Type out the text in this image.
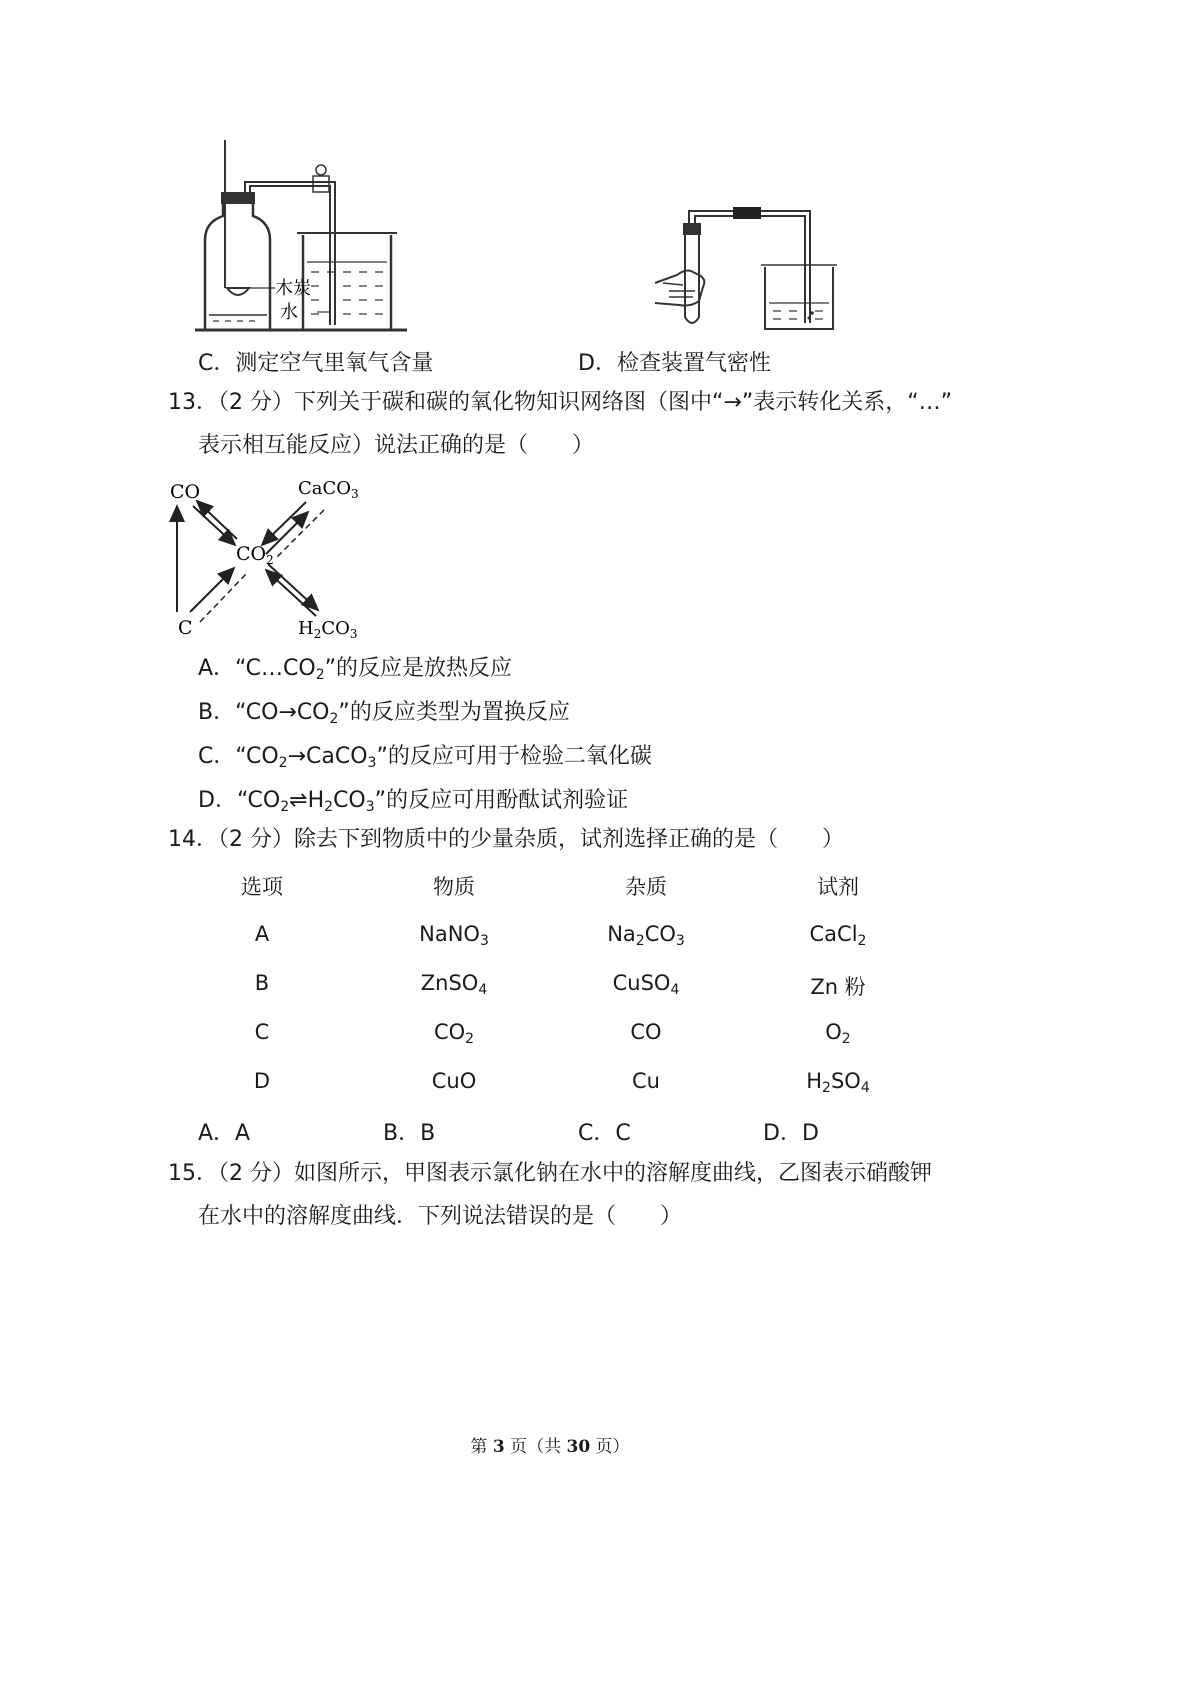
木炭
水
C．测定空气里氧气含量	D．检查装置气密性
13．（2 分）下列关于碳和碳的氧化物知识网络图（图中“→”表示转化关系，“…”
表示相互能反应）说法正确的是（　　）
CO	CaCO$_3$
$CO_2$
C	$H_2CO_3$
A．“$C\dots CO_2$”的反应是放热反应
B．“$CO\to CO_2$”的反应类型为置换反应
C．“$CO_2\to CaCO_3$”的反应可用于检验二氧化碳
D．“$CO_2\rightleftharpoons H_2CO_3$”的反应可用酚酞试剂验证
14．（2 分）除去下到物质中的少量杂质，试剂选择正确的是（　　）
选项	物质	杂质	试剂
A	NaNO$_3$	$Na_2CO_3$	CaCl$_2$
B	ZnSO$_4$	CuSO$_4$	Zn 粉
C	$CO_2$	CO	$O_2$
D	CuO	Cu	$H_2SO_4$
A．A	B．B	C．C	D．D
15．（2 分）如图所示，甲图表示氯化钠在水中的溶解度曲线，乙图表示硝酸钾
在水中的溶解度曲线．下列说法错误的是（　　）
第 3 页（共 30 页）
